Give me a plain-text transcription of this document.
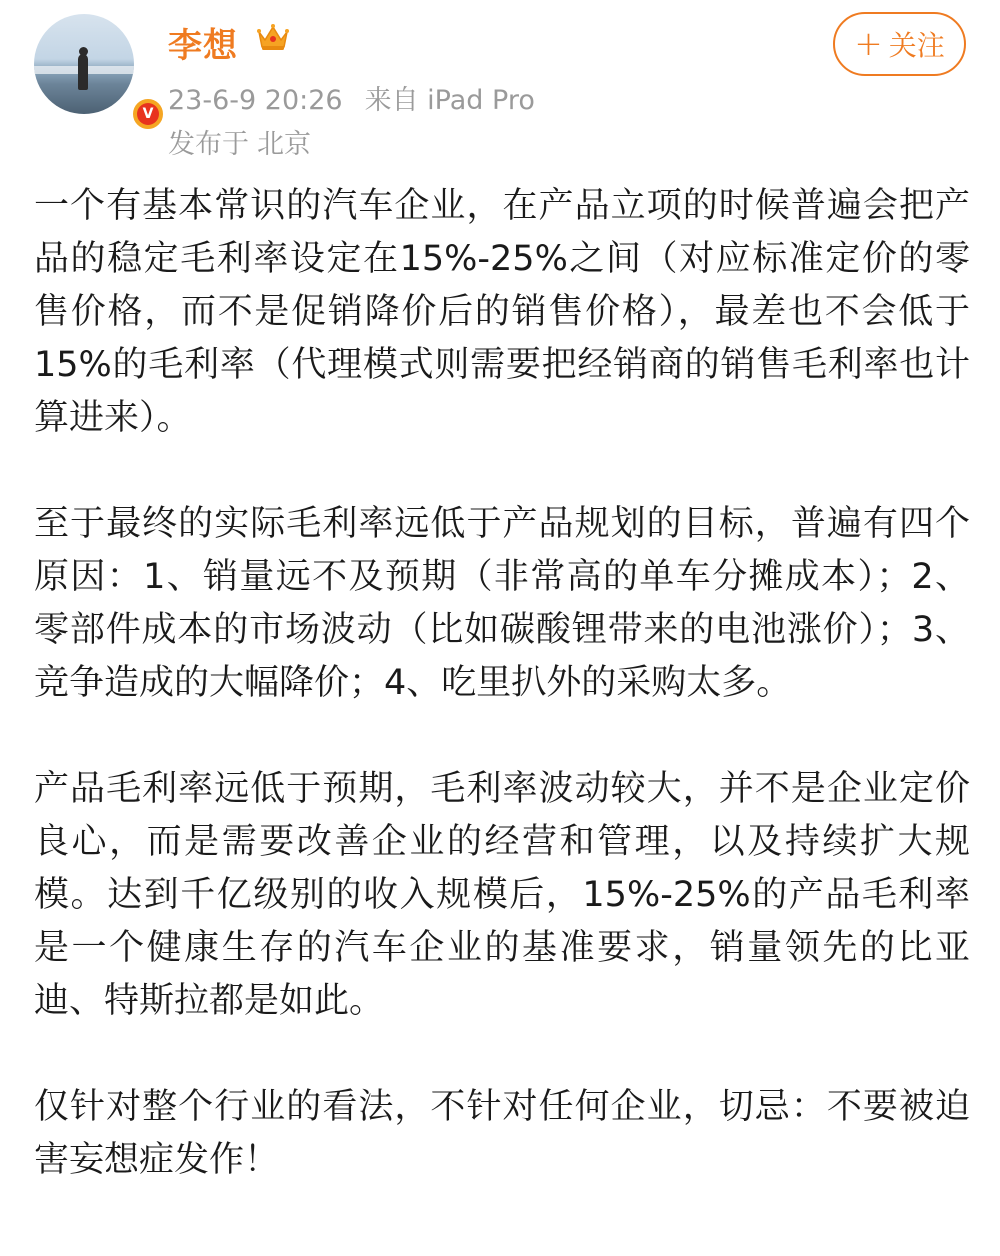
V
李想
23-6-9 20:26 来自 iPad Pro
发布于 北京
+ 关注

一个有基本常识的汽车企业，在产品立项的时候普遍会把产品的稳定毛利率设定在15%-25%之间（对应标准定价的零售价格，而不是促销降价后的销售价格），最差也不会低于15%的毛利率（代理模式则需要把经销商的销售毛利率也计算进来）。

至于最终的实际毛利率远低于产品规划的目标，普遍有四个原因：1、销量远不及预期（非常高的单车分摊成本）；2、零部件成本的市场波动（比如碳酸锂带来的电池涨价）；3、竞争造成的大幅降价；4、吃里扒外的采购太多。

产品毛利率远低于预期，毛利率波动较大，并不是企业定价良心，而是需要改善企业的经营和管理，以及持续扩大规模。达到千亿级别的收入规模后，15%-25%的产品毛利率是一个健康生存的汽车企业的基准要求，销量领先的比亚迪、特斯拉都是如此。

仅针对整个行业的看法，不针对任何企业，切忌：不要被迫害妄想症发作！
